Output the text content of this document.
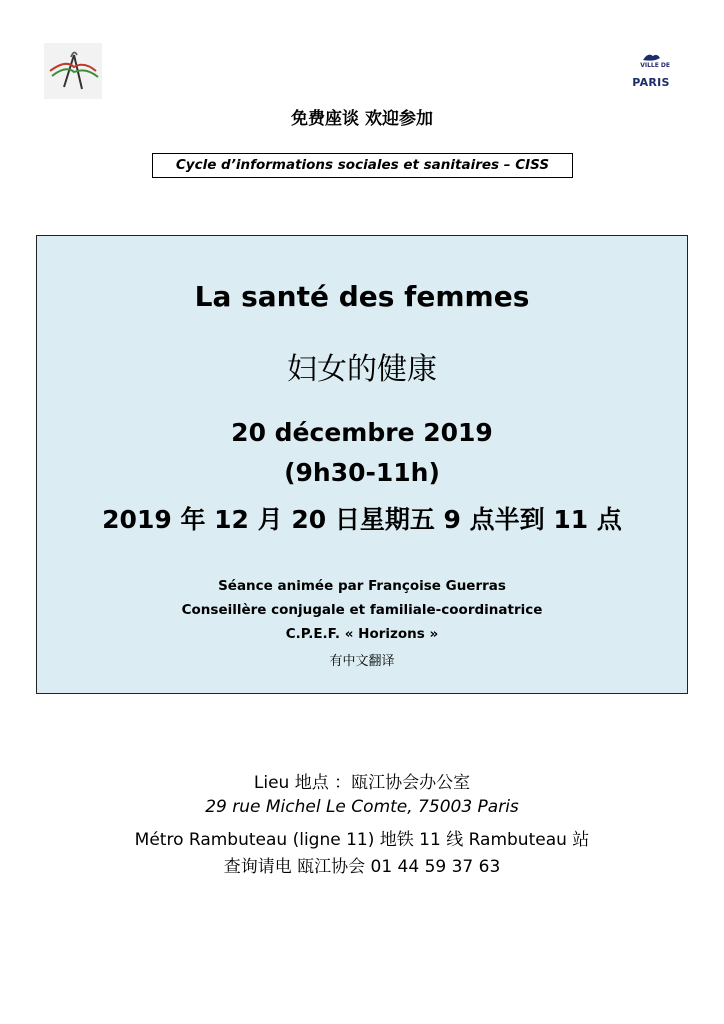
VILLE DE
PARIS
免费座谈 欢迎参加
Cycle d’informations sociales et sanitaires – CISS
La santé des femmes
妇女的健康
20 décembre 2019
(9h30-11h)
2019 年 12 月 20 日星期五 9 点半到 11 点
Séance animée par Françoise Guerras
Conseillère conjugale et familiale-coordinatrice
C.P.E.F. « Horizons »
有中文翻译
Lieu 地点 ：瓯江协会办公室
29 rue Michel Le Comte, 75003 Paris
Métro Rambuteau (ligne 11) 地铁 11 线 Rambuteau 站
查询请电 瓯江协会 01 44 59 37 63
